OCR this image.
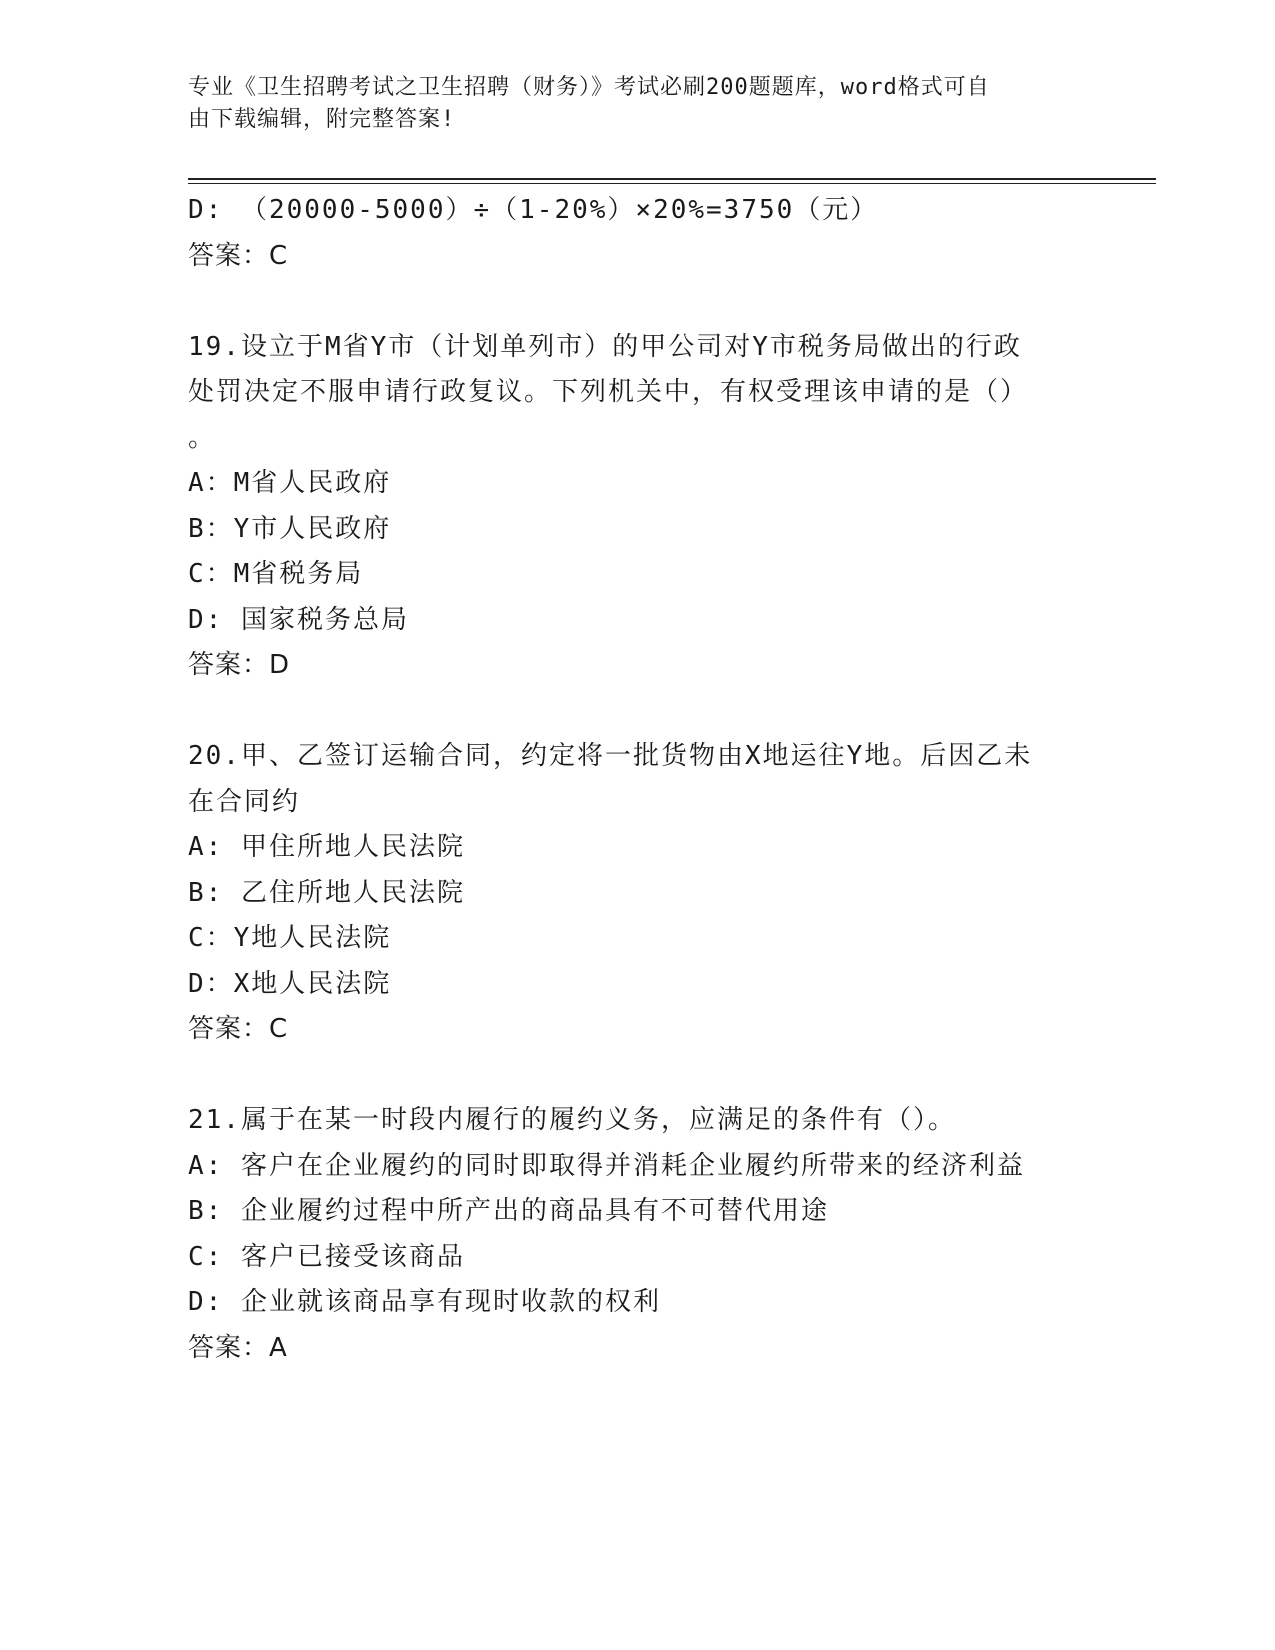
专业《卫生招聘考试之卫生招聘（财务）》考试必刷200题题库，word格式可自
由下载编辑，附完整答案!
D: （20000-5000）÷（1-20%）×20%=3750（元）
答案：C
19.设立于M省Y市（计划单列市）的甲公司对Y市税务局做出的行政
处罚决定不服申请行政复议。下列机关中，有权受理该申请的是（）
。
A：M省人民政府
B：Y市人民政府
C：M省税务局
D: 国家税务总局
答案：D
20.甲、乙签订运输合同，约定将一批货物由X地运往Y地。后因乙未
在合同约
A: 甲住所地人民法院
B: 乙住所地人民法院
C：Y地人民法院
D：X地人民法院
答案：C
21.属于在某一时段内履行的履约义务，应满足的条件有（）。
A: 客户在企业履约的同时即取得并消耗企业履约所带来的经济利益
B: 企业履约过程中所产出的商品具有不可替代用途
C: 客户已接受该商品
D: 企业就该商品享有现时收款的权利
答案：A
